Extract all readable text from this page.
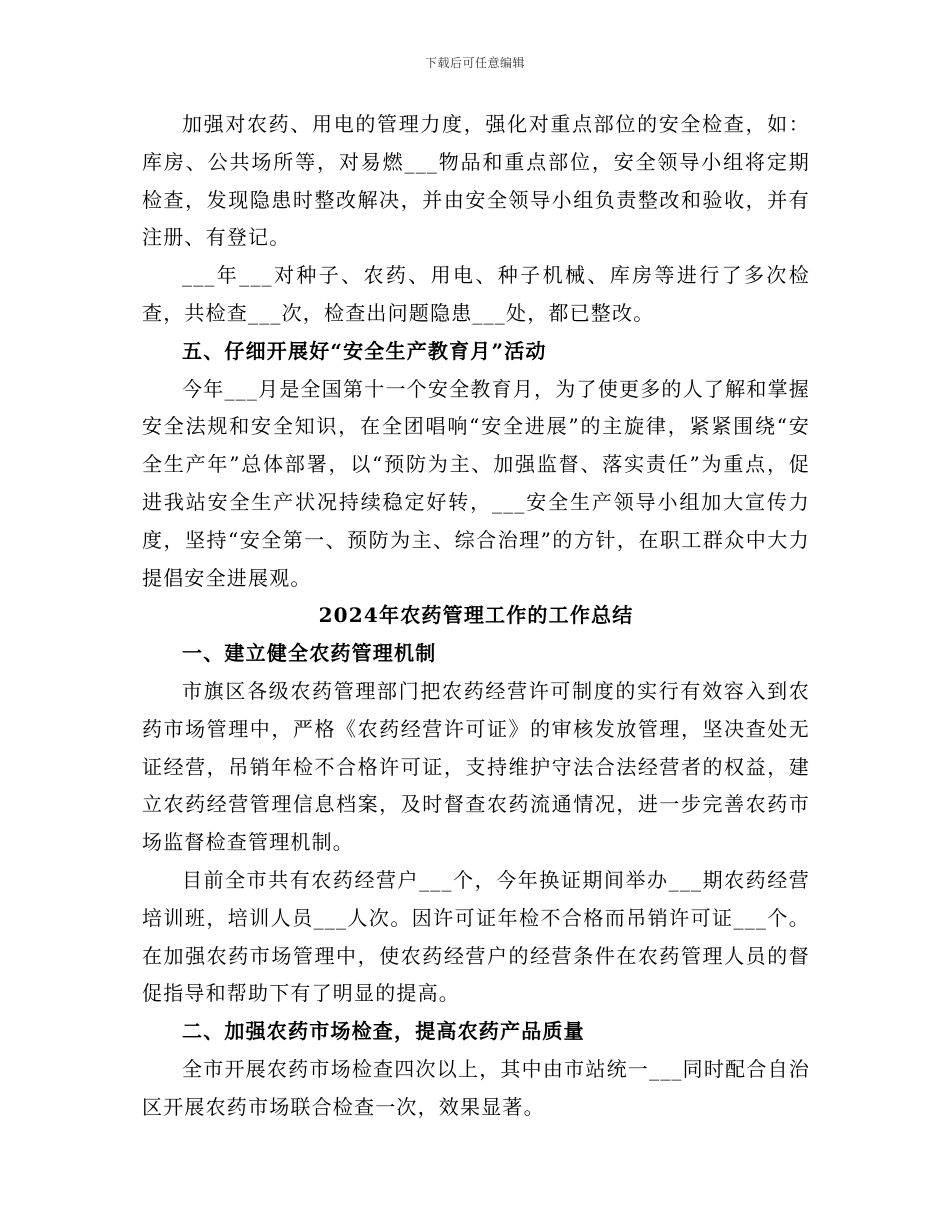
下载后可任意编辑

加强对农药、用电的管理力度，强化对重点部位的安全检查，如：库房、公共场所等，对易燃___物品和重点部位，安全领导小组将定期检查，发现隐患时整改解决，并由安全领导小组负责整改和验收，并有注册、有登记。

___年___对种子、农药、用电、种子机械、库房等进行了多次检查，共检查___次，检查出问题隐患___处，都已整改。

五、仔细开展好“安全生产教育月”活动

今年___月是全国第十一个安全教育月，为了使更多的人了解和掌握安全法规和安全知识，在全团唱响“安全进展”的主旋律，紧紧围绕“安全生产年”总体部署，以“预防为主、加强监督、落实责任”为重点，促进我站安全生产状况持续稳定好转，___安全生产领导小组加大宣传力度，坚持“安全第一、预防为主、综合治理”的方针，在职工群众中大力提倡安全进展观。

2024年农药管理工作的工作总结

一、建立健全农药管理机制

市旗区各级农药管理部门把农药经营许可制度的实行有效容入到农药市场管理中，严格《农药经营许可证》的审核发放管理，坚决查处无证经营，吊销年检不合格许可证，支持维护守法合法经营者的权益，建立农药经营管理信息档案，及时督查农药流通情况，进一步完善农药市场监督检查管理机制。

目前全市共有农药经营户___个，今年换证期间举办___期农药经营培训班，培训人员___人次。因许可证年检不合格而吊销许可证___个。在加强农药市场管理中，使农药经营户的经营条件在农药管理人员的督促指导和帮助下有了明显的提高。

二、加强农药市场检查，提高农药产品质量

全市开展农药市场检查四次以上，其中由市站统一___同时配合自治区开展农药市场联合检查一次，效果显著。
